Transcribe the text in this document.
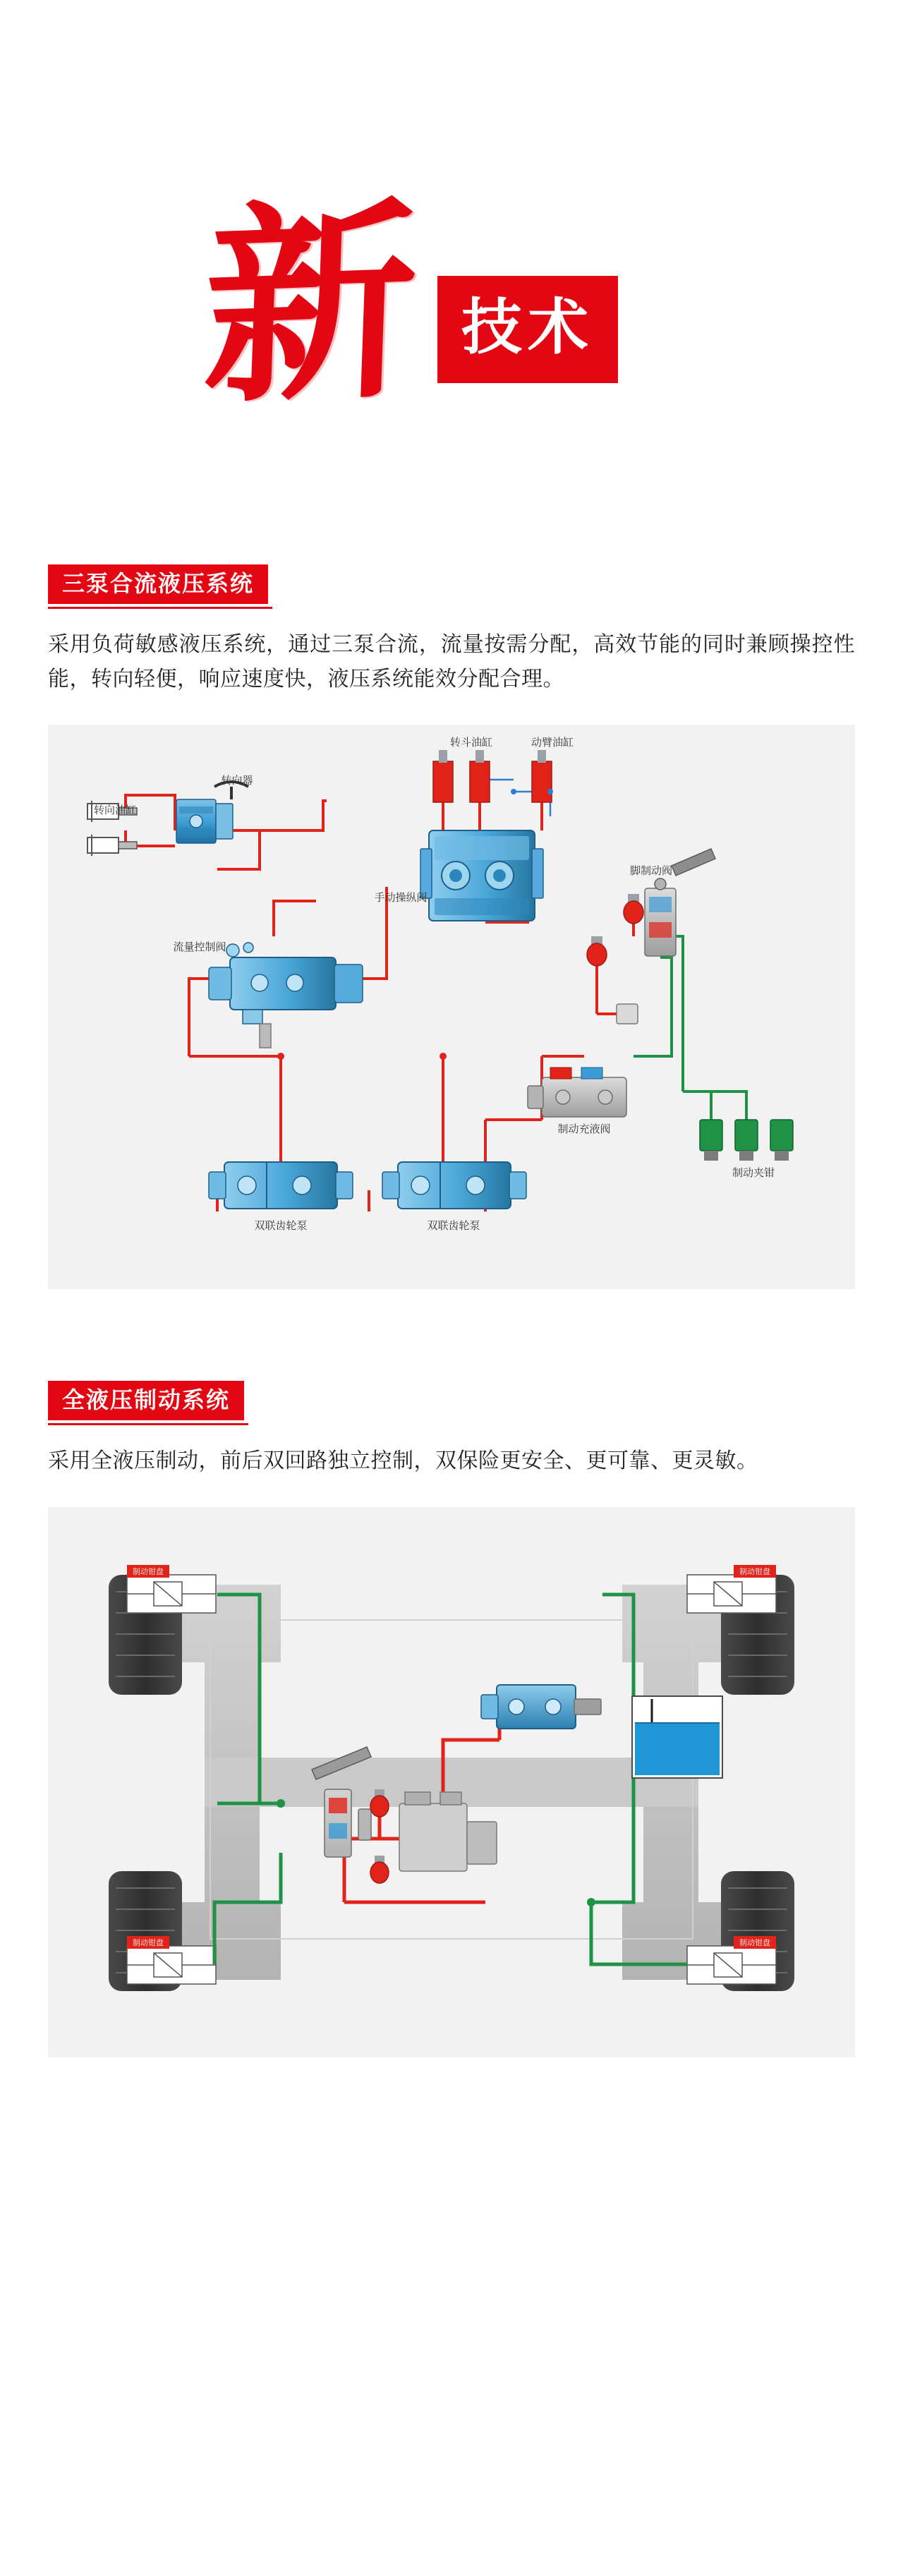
新 技术
三泵合流液压系统
采用负荷敏感液压系统，通过三泵合流，流量按需分配，高效节能的同时兼顾操控性能，转向轻便，响应速度快，液压系统能效分配合理。
转向油缸
转向器
转斗油缸	动臂油缸
手动操纵阀
流量控制阀
双联齿轮泵	双联齿轮泵
制动充液阀
脚制动阀
制动夹钳
全液压制动系统
采用全液压制动，前后双回路独立控制，双保险更安全、更可靠、更灵敏。
制动钳盘	制动钳盘
制动钳盘	制动钳盘
